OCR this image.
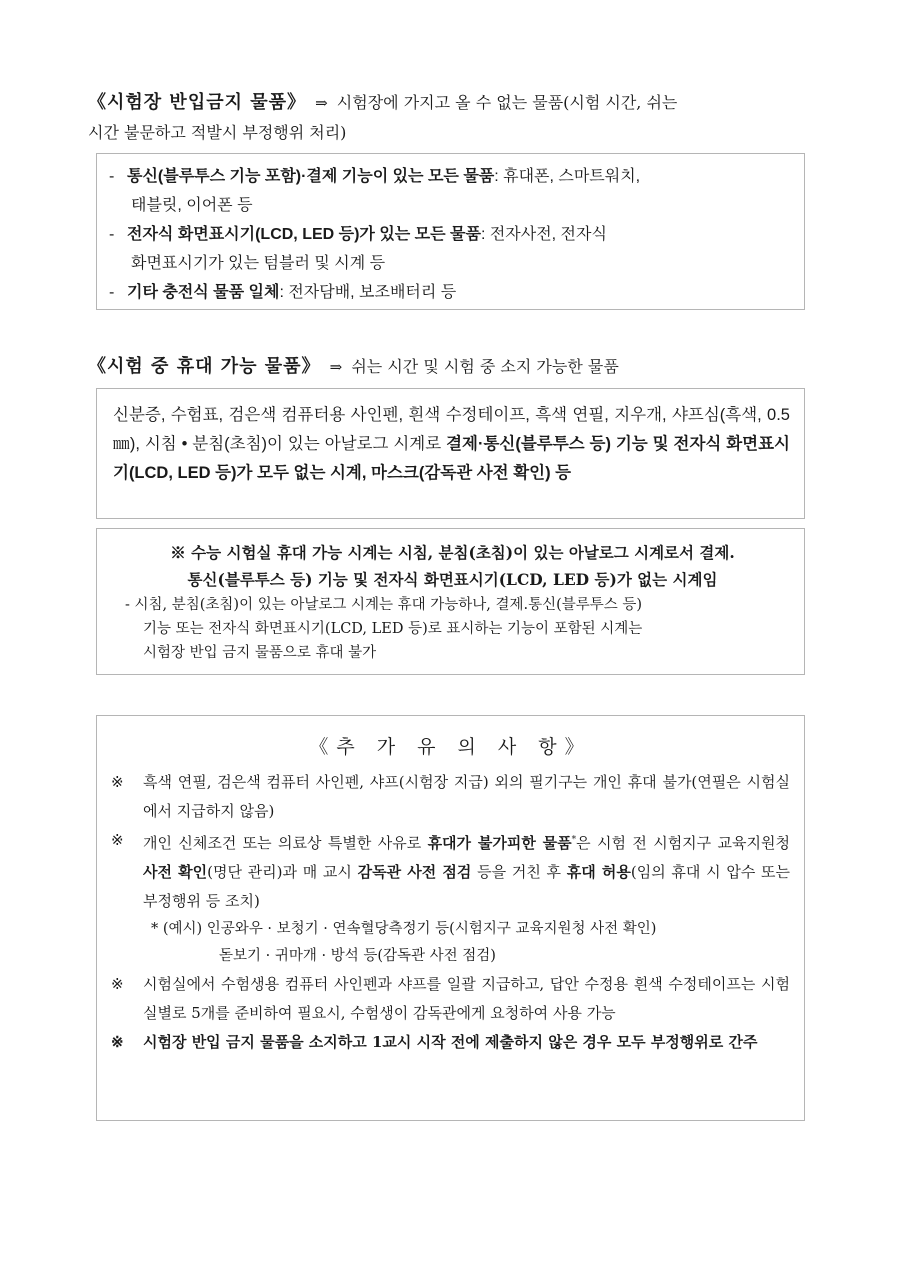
《시험장 반입금지 물품》 ⇒ 시험장에 가지고 올 수 없는 물품(시험 시간, 쉬는
시간 불문하고 적발시 부정행위 처리)
- 통신(블루투스 기능 포함)·결제 기능이 있는 모든 물품: 휴대폰, 스마트워치,
태블릿, 이어폰 등
- 전자식 화면표시기(LCD, LED 등)가 있는 모든 물품: 전자사전, 전자식
화면표시기가 있는 텀블러 및 시계 등
- 기타 충전식 물품 일체: 전자담배, 보조배터리 등
《시험 중 휴대 가능 물품》 ⇒ 쉬는 시간 및 시험 중 소지 가능한 물품
신분증, 수험표, 검은색 컴퓨터용 사인펜, 흰색 수정테이프, 흑색 연필, 지우개, 샤프심(흑색, 0.5㎜), 시침 • 분침(초침)이 있는 아날로그 시계로 결제·통신(블루투스 등) 기능 및 전자식 화면표시기(LCD, LED 등)가 모두 없는 시계, 마스크(감독관 사전 확인) 등
※ 수능 시험실 휴대 가능 시계는 시침, 분침(초침)이 있는 아날로그 시계로서 결제.
통신(블루투스 등) 기능 및 전자식 화면표시기(LCD, LED 등)가 없는 시계임
- 시침, 분침(초침)이 있는 아날로그 시계는 휴대 가능하나, 결제.통신(블루투스 등)
기능 또는 전자식 화면표시기(LCD, LED 등)로 표시하는 기능이 포함된 시계는
시험장 반입 금지 물품으로 휴대 불가
《추 가 유 의 사 항》
※ 흑색 연필, 검은색 컴퓨터 사인펜, 샤프(시험장 지급) 외의 필기구는 개인 휴대 불가(연필은 시험실에서 지급하지 않음)
※ 개인 신체조건 또는 의료상 특별한 사유로 휴대가 불가피한 물품*은 시험 전 시험지구 교육지원청 사전 확인(명단 관리)과 매 교시 감독관 사전 점검 등을 거친 후 휴대 허용(임의 휴대 시 압수 또는 부정행위 등 조치)
* (예시) 인공와우 · 보청기 · 연속혈당측정기 등(시험지구 교육지원청 사전 확인)
돋보기 · 귀마개 · 방석 등(감독관 사전 점검)
※ 시험실에서 수험생용 컴퓨터 사인펜과 샤프를 일괄 지급하고, 답안 수정용 흰색 수정테이프는 시험실별로 5개를 준비하여 필요시, 수험생이 감독관에게 요청하여 사용 가능
※ 시험장 반입 금지 물품을 소지하고 1교시 시작 전에 제출하지 않은 경우 모두 부정행위로 간주
